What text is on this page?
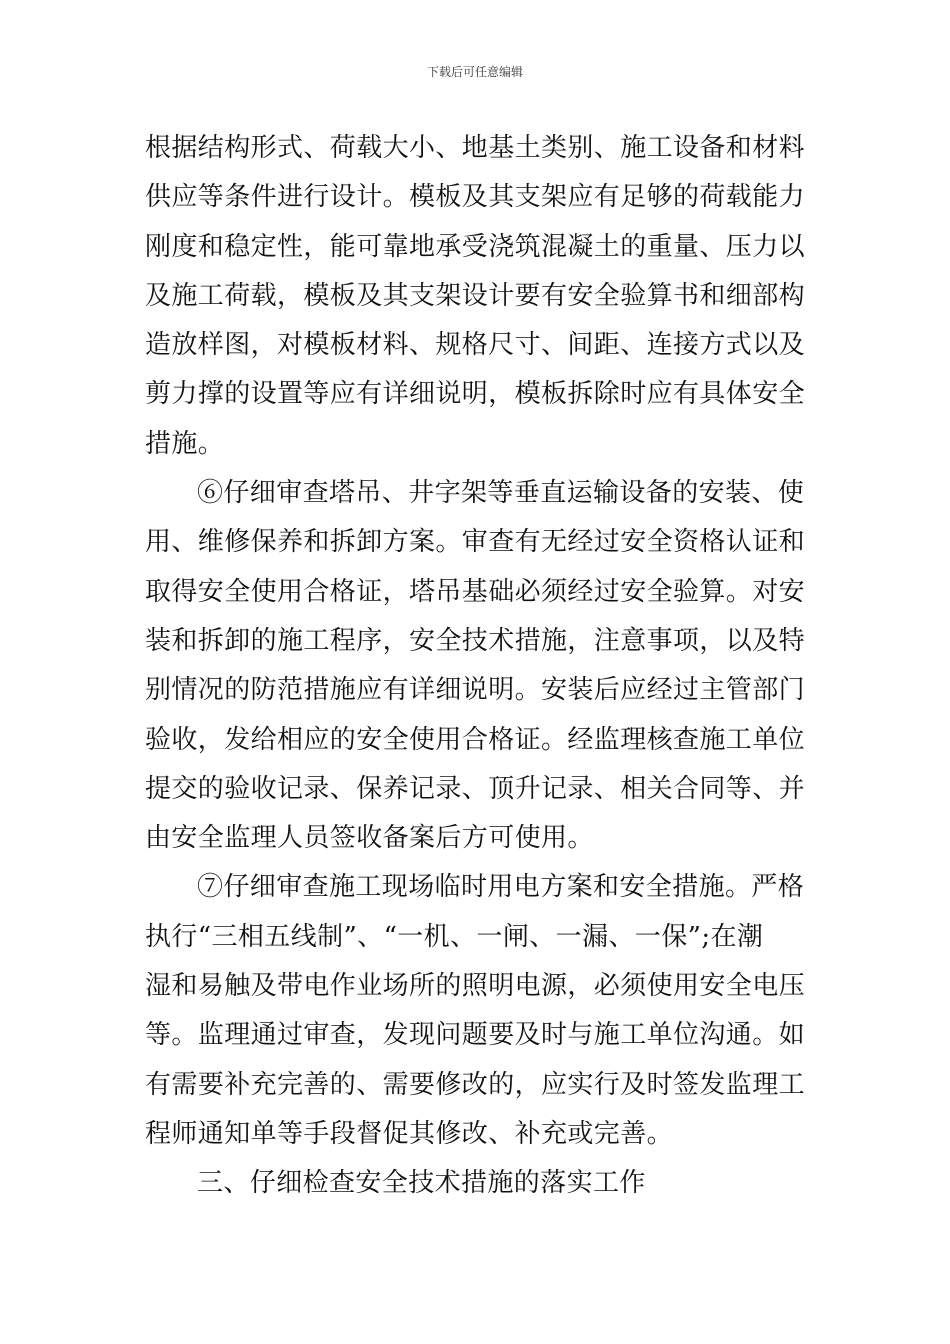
下载后可任意编辑

根据结构形式、荷载大小、地基土类别、施工设备和材料
供应等条件进行设计。模板及其支架应有足够的荷载能力
刚度和稳定性，能可靠地承受浇筑混凝土的重量、压力以
及施工荷载，模板及其支架设计要有安全验算书和细部构
造放样图，对模板材料、规格尺寸、间距、连接方式以及
剪力撑的设置等应有详细说明，模板拆除时应有具体安全
措施。

⑥仔细审查塔吊、井字架等垂直运输设备的安装、使
用、维修保养和拆卸方案。审查有无经过安全资格认证和
取得安全使用合格证，塔吊基础必须经过安全验算。对安
装和拆卸的施工程序，安全技术措施，注意事项，以及特
别情况的防范措施应有详细说明。安装后应经过主管部门
验收，发给相应的安全使用合格证。经监理核查施工单位
提交的验收记录、保养记录、顶升记录、相关合同等、并
由安全监理人员签收备案后方可使用。

⑦仔细审查施工现场临时用电方案和安全措施。严格
执行“三相五线制”、“一机、一闸、一漏、一保”;在潮
湿和易触及带电作业场所的照明电源，必须使用安全电压
等。监理通过审查，发现问题要及时与施工单位沟通。如
有需要补充完善的、需要修改的，应实行及时签发监理工
程师通知单等手段督促其修改、补充或完善。

三、仔细检查安全技术措施的落实工作
